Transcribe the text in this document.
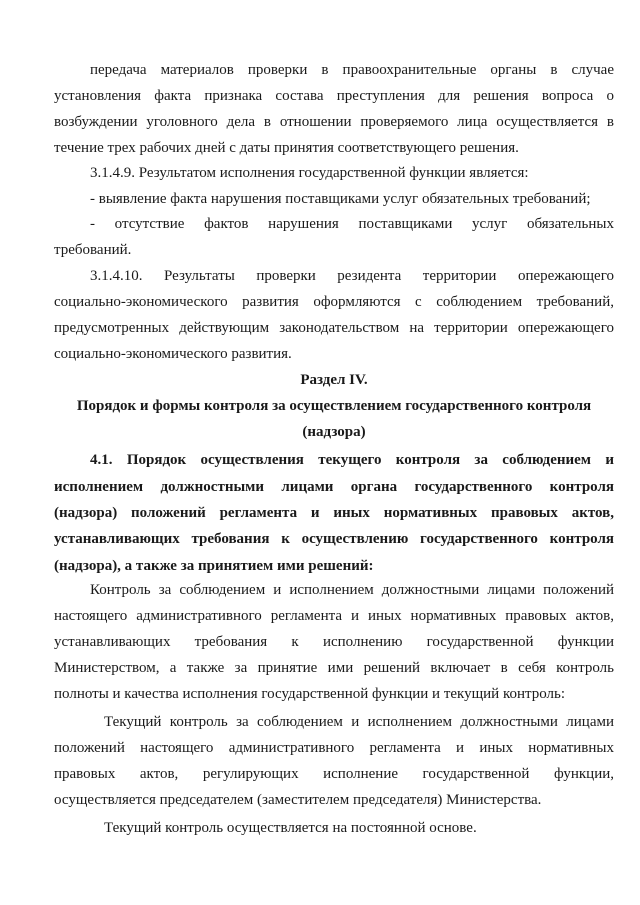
передача материалов проверки в правоохранительные органы в случае

установления факта признака состава преступления для решения вопроса о

возбуждении уголовного дела в отношении проверяемого лица осуществляется в

течение трех рабочих дней с даты принятия соответствующего решения.

3.1.4.9. Результатом исполнения государственной функции является:

- выявление факта нарушения поставщиками услуг обязательных требований;

- отсутствие фактов нарушения поставщиками услуг обязательных

требований.

3.1.4.10. Результаты проверки резидента территории опережающего

социально-экономического развития оформляются с соблюдением требований,

предусмотренных действующим законодательством на территории опережающего

социально-экономического развития.

Раздел IV.

Порядок и формы контроля за осуществлением государственного контроля

(надзора)

4.1. Порядок осуществления текущего контроля за соблюдением и

исполнением должностными лицами органа государственного контроля

(надзора) положений регламента и иных нормативных правовых актов,

устанавливающих требования к осуществлению государственного контроля

(надзора), а также за принятием ими решений:

Контроль за соблюдением и исполнением должностными лицами положений

настоящего административного регламента и иных нормативных правовых актов,

устанавливающих требования к исполнению государственной функции

Министерством, а также за принятие ими решений включает в себя контроль

полноты и качества исполнения государственной функции и текущий контроль:

Текущий контроль за соблюдением и исполнением должностными лицами

положений настоящего административного регламента и иных нормативных

правовых актов, регулирующих исполнение государственной функции,

осуществляется председателем (заместителем председателя) Министерства.

Текущий контроль осуществляется на постоянной основе.
